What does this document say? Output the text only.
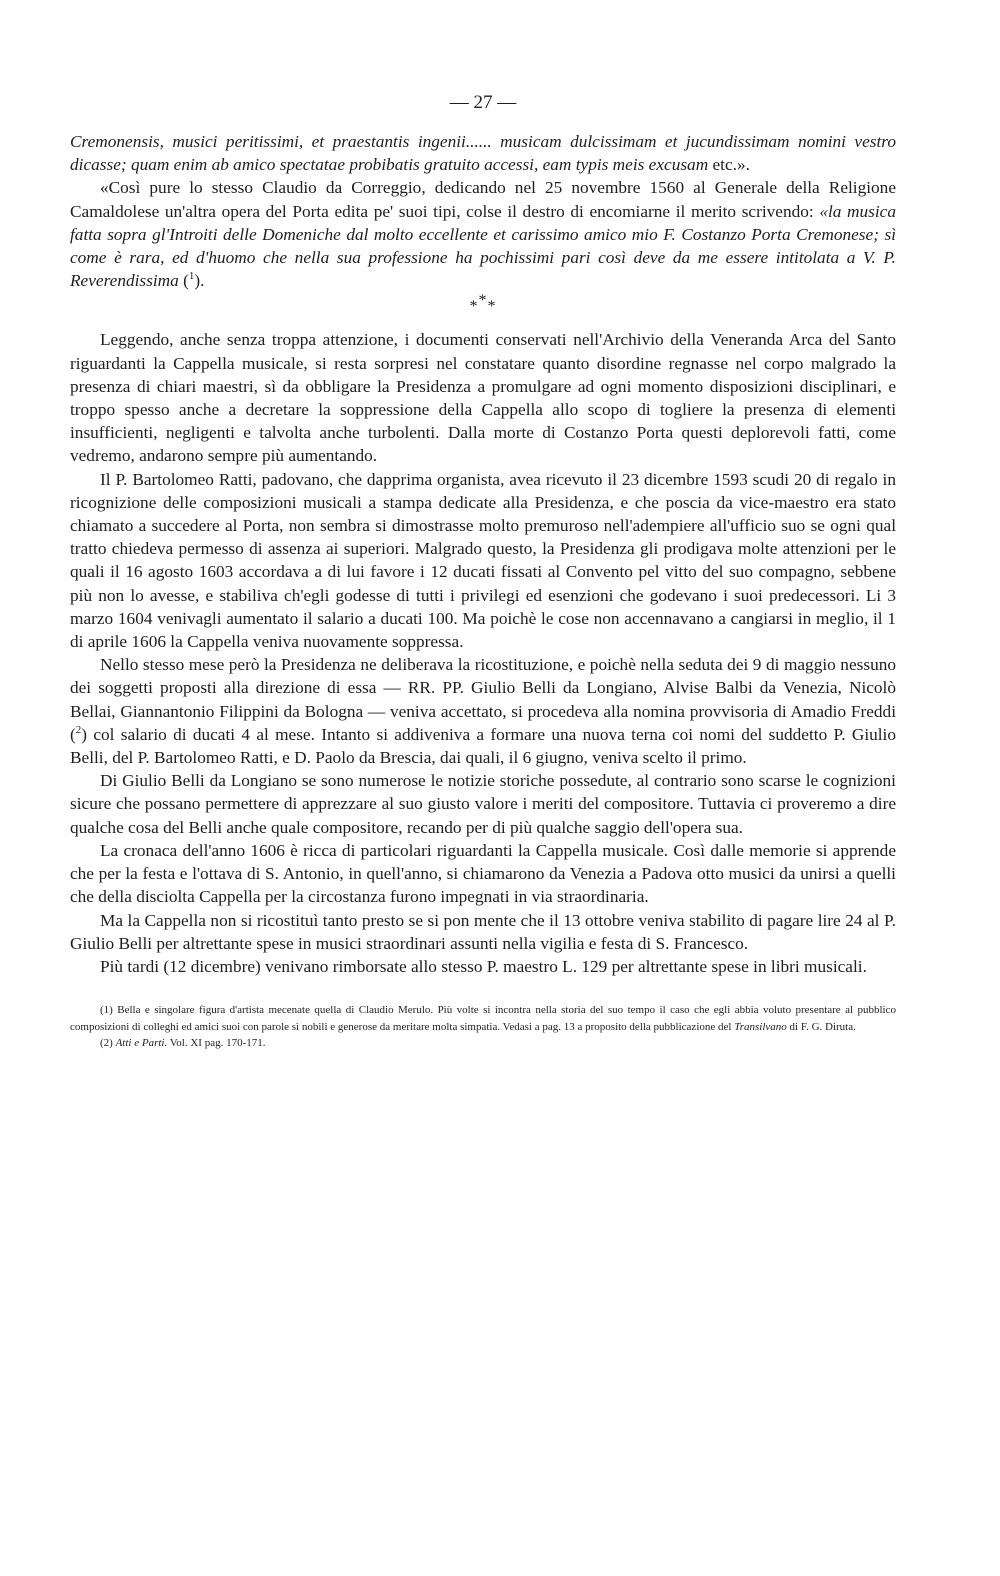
— 27 —

Cremonensis, musici peritissimi, et praestantis ingenii...... musicam dulcissimam et jucundissimam nomini vestro dicasse; quam enim ab amico spectatae probibatis gratuito accessi, eam typis meis excusam etc.».

«Così pure lo stesso Claudio da Correggio, dedicando nel 25 novembre 1560 al Generale della Religione Camaldolese un'altra opera del Porta edita pe' suoi tipi, colse il destro di encomiarne il merito scrivendo: «la musica fatta sopra gl'Introiti delle Domeniche dal molto eccellente et carissimo amico mio F. Costanzo Porta Cremonese; sì come è rara, ed d'huomo che nella sua professione ha pochissimi pari così deve da me essere intitolata a V. P. Reverendissima ($^1$).

***

Leggendo, anche senza troppa attenzione, i documenti conservati nell'Archivio della Veneranda Arca del Santo riguardanti la Cappella musicale, si resta sorpresi nel constatare quanto disordine regnasse nel corpo malgrado la presenza di chiari maestri, sì da obbligare la Presidenza a promulgare ad ogni momento disposizioni disciplinari, e troppo spesso anche a decretare la soppressione della Cappella allo scopo di togliere la presenza di elementi insufficienti, negligenti e talvolta anche turbolenti. Dalla morte di Costanzo Porta questi deplorevoli fatti, come vedremo, andarono sempre più aumentando.

Il P. Bartolomeo Ratti, padovano, che dapprima organista, avea ricevuto il 23 dicembre 1593 scudi 20 di regalo in ricognizione delle composizioni musicali a stampa dedicate alla Presidenza, e che poscia da vice-maestro era stato chiamato a succedere al Porta, non sembra si dimostrasse molto premuroso nell'adempiere all'ufficio suo se ogni qual tratto chiedeva permesso di assenza ai superiori. Malgrado questo, la Presidenza gli prodigava molte attenzioni per le quali il 16 agosto 1603 accordava a di lui favore i 12 ducati fissati al Convento pel vitto del suo compagno, sebbene più non lo avesse, e stabiliva ch'egli godesse di tutti i privilegi ed esenzioni che godevano i suoi predecessori. Li 3 marzo 1604 venivagli aumentato il salario a ducati 100. Ma poichè le cose non accennavano a cangiarsi in meglio, il 1 di aprile 1606 la Cappella veniva nuovamente soppressa.

Nello stesso mese però la Presidenza ne deliberava la ricostituzione, e poichè nella seduta dei 9 di maggio nessuno dei soggetti proposti alla direzione di essa — RR. PP. Giulio Belli da Longiano, Alvise Balbi da Venezia, Nicolò Bellai, Giannantonio Filippini da Bologna — veniva accettato, si procedeva alla nomina provvisoria di Amadio Freddi ($^2$) col salario di ducati 4 al mese. Intanto si addiveniva a formare una nuova terna coi nomi del suddetto P. Giulio Belli, del P. Bartolomeo Ratti, e D. Paolo da Brescia, dai quali, il 6 giugno, veniva scelto il primo.

Di Giulio Belli da Longiano se sono numerose le notizie storiche possedute, al contrario sono scarse le cognizioni sicure che possano permettere di apprezzare al suo giusto valore i meriti del compositore. Tuttavia ci proveremo a dire qualche cosa del Belli anche quale compositore, recando per di più qualche saggio dell'opera sua.

La cronaca dell'anno 1606 è ricca di particolari riguardanti la Cappella musicale. Così dalle memorie si apprende che per la festa e l'ottava di S. Antonio, in quell'anno, si chiamarono da Venezia a Padova otto musici da unirsi a quelli che della disciolta Cappella per la circostanza furono impegnati in via straordinaria.

Ma la Cappella non si ricostituì tanto presto se si pon mente che il 13 ottobre veniva stabilito di pagare lire 24 al P. Giulio Belli per altrettante spese in musici straordinari assunti nella vigilia e festa di S. Francesco.

Più tardi (12 dicembre) venivano rimborsate allo stesso P. maestro L. 129 per altrettante spese in libri musicali.

(1) Bella e singolare figura d'artista mecenate quella di Claudio Merulo. Più volte si incontra nella storia del suo tempo il caso che egli abbia voluto presentare al pubblico composizioni di colleghi ed amici suoi con parole sì nobili e generose da meritare molta simpatia. Vedasi a pag. 13 a proposito della pubblicazione del Transilvano di F. G. Diruta.

(2) Atti e Parti. Vol. XI pag. 170-171.
